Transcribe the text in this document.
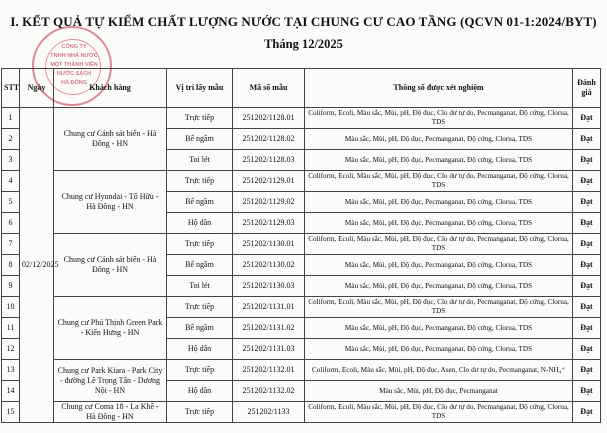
I. KẾT QUẢ TỰ KIỂM CHẤT LƯỢNG NƯỚC TẠI CHUNG CƯ CAO TẦNG (QCVN 01-1:2024/BYT)
Tháng 12/2025
CÔNG TY
TNHH NHÀ NƯỚC
MỘT THÀNH VIÊN
NƯỚC SẠCH
HÀ ĐÔNG
STT	Ngày	Khách hàng	Vị trí lấy mẫu	Mã số mẫu	Thông số được xét nghiệm	Đánh giá
1	02/12/2025	Chung cư Cảnh sát biển - Hà Đông - HN	Trực tiếp	251202/1128.01	Coliform, Ecoli, Màu sắc, Mùi, pH, Độ đục, Clo dư tự do, Pecmanganat, Độ cứng, Clorua, TDS	Đạt
2			Bể ngầm	251202/1128.02	Màu sắc, Mùi, pH, Độ đục, Pecmanganat, Độ cứng, Clorua, TDS	Đạt
3			Toi lét	251202/1128.03	Màu sắc, Mùi, pH, Độ đục, Pecmanganat, Độ cứng, Clorua, TDS	Đạt
4		Chung cư Hyundai - Tố Hữu - Hà Đông - HN	Trực tiếp	251202/1129.01	Coliform, Ecoli, Màu sắc, Mùi, pH, Độ đục, Clo dư tự do, Pecmanganat, Độ cứng, Clorua, TDS	Đạt
5			Bể ngầm	251202/1129.02	Màu sắc, Mùi, pH, Độ đục, Pecmanganat, Độ cứng, Clorua, TDS	Đạt
6			Hộ dân	251202/1129.03	Màu sắc, Mùi, pH, Độ đục, Pecmanganat, Độ cứng, Clorua, TDS	Đạt
7		Chung cư Cảnh sát biển - Hà Đông - HN	Trực tiếp	251202/1130.01	Coliform, Ecoli, Màu sắc, Mùi, pH, Độ đục, Clo dư tự do, Pecmanganat, Độ cứng, Clorua, TDS	Đạt
8			Bể ngầm	251202/1130.02	Màu sắc, Mùi, pH, Độ đục, Pecmanganat, Độ cứng, Clorua, TDS	Đạt
9			Toi lét	251202/1130.03	Màu sắc, Mùi, pH, Độ đục, Pecmanganat, Độ cứng, Clorua, TDS	Đạt
10		Chung cư Phú Thịnh Green Park - Kiến Hưng - HN	Trực tiếp	251202/1131.01	Coliform, Ecoli, Màu sắc, Mùi, pH, Độ đục, Clo dư tự do, Pecmanganat, Độ cứng, Clorua, TDS	Đạt
11			Bể ngầm	251202/1131.02	Màu sắc, Mùi, pH, Độ đục, Pecmanganat, Độ cứng, Clorua, TDS	Đạt
12			Hộ dân	251202/1131.03	Màu sắc, Mùi, pH, Độ đục, Pecmanganat, Độ cứng, Clorua, TDS	Đạt
13		Chung cư Park Kiara - Park City - đường Lê Trọng Tấn - Dương Nội - HN	Trực tiếp	251202/1132.01	Coliform, Ecoli, Màu sắc, Mùi, pH, Độ đục, Asen, Clo dư tự do, Pecmanganat, N-NH₄⁺	Đạt
14			Hộ dân	251202/1132.02	Màu sắc, Mùi, pH, Độ đục, Pecmanganat	Đạt
15		Chung cư Coma 18 - La Khê - Hà Đông - HN	Trực tiếp	251202/1133	Coliform, Ecoli, Màu sắc, Mùi, pH, Độ đục, Clo dư tự do, Pecmanganat, Độ cứng, Clorua, TDS	Đạt
